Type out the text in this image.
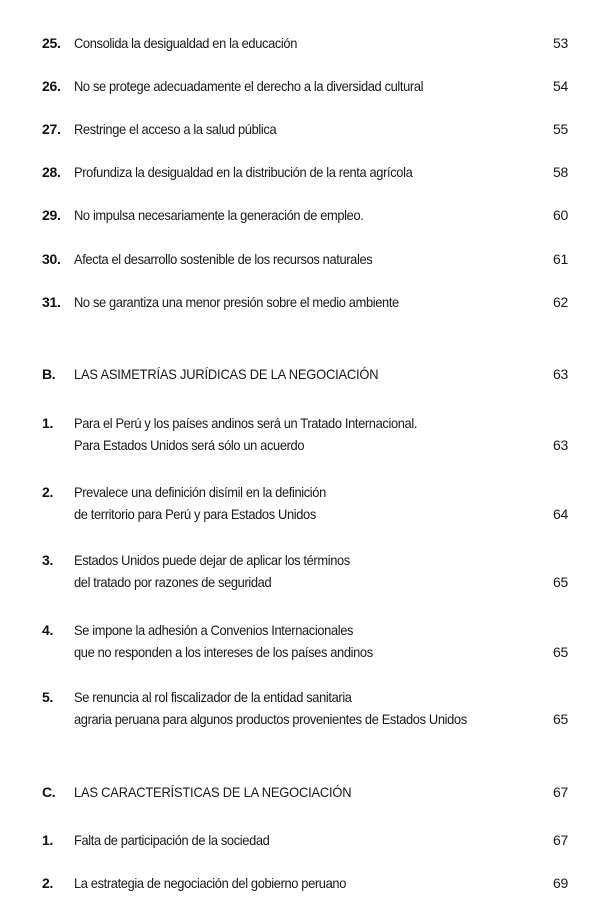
25. Consolida la desigualdad en la educación	53
26. No se protege adecuadamente el derecho a la diversidad cultural	54
27. Restringe el acceso a la salud pública	55
28. Profundiza la desigualdad en la distribución de la renta agrícola	58
29. No impulsa necesariamente la generación de empleo.	60
30. Afecta el desarrollo sostenible de los recursos naturales	61
31. No se garantiza una menor presión sobre el medio ambiente	62
B. LAS ASIMETRÍAS JURÍDICAS DE LA NEGOCIACIÓN	63
1. Para el Perú y los países andinos será un Tratado Internacional.
Para Estados Unidos será sólo un acuerdo	63
2. Prevalece una definición disímil en la definición
de territorio para Perú y para Estados Unidos	64
3. Estados Unidos puede dejar de aplicar los términos
del tratado por razones de seguridad	65
4. Se impone la adhesión a Convenios Internacionales
que no responden a los intereses de los países andinos	65
5. Se renuncia al rol fiscalizador de la entidad sanitaria
agraria peruana para algunos productos provenientes de Estados Unidos	65
C. LAS CARACTERÍSTICAS DE LA NEGOCIACIÓN	67
1. Falta de participación de la sociedad	67
2. La estrategia de negociación del gobierno peruano	69
